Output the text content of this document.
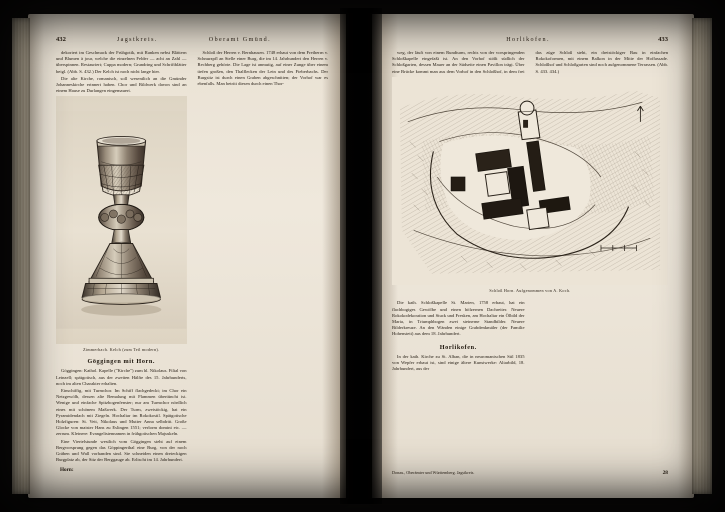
432	Jagstkreis.	Oberamt Gmünd.

dekoriert im Geschmack der Frühgotik, mit Ranken nebst Blättern und Blumen à jour, welche die einzelnen Felder — acht an Zahl — überspinnen. Restauriert; Cuppa modern; Grundring und Schriftblätter beigl. (Abb. S. 432.) Der Kelch ist noch nicht lange hier.

Die alte Kirche, romanisch, soll wesentlich an die Gmünder Johanneskirche erinnert haben. Chor und Bildwerk davon sind an einem Hause zu Durlangen eingemauert.

Zimmerbach. Kelch (zum Teil modern).

Göggingen mit Horn.

Göggingen: Kathol. Kapelle ("Kirche") zum hl. Nikolaus. Filial von Leinzell; spätgotisch, aus der zweiten Hälfte des 15. Jahrhunderts, noch im alten Charakter erhalten.

Einschiffig, mit Turmchor. Im Schiff flachgedeckt; im Chor ein Netzgewölb, dessen alte Bemalung mit Flammen übertüncht ist. Wenige und einfache Spitzbogenfenster; nur am Turmchor nördlich eines mit schönem Maßwerk. Der Turm, zweistöckig, hat ein Pyramidendach mit Ziegeln. Hochaltar im Rokokostil. Spätgotische Holzfiguren: St. Veit, Nikolaus und Mutter Anna selbdritt. Große Glocke von maister Hans zu Eslingen 1551; verlorm domini etc. — zerrum. Kleinere: Evangelistennamen in frühgotischen Majuskeln.

Eine Viertelstunde westlich vom Göggingen steht auf einem Bergvorsprung gegen das Göppingerthal eine Burg, von der noch Gräben und Wall vorhanden sind. Sie schneiden einen dreieckigen Burgplatz ab, der Sitz der Berggauge ab. Erlischt im 14. Jahrhundert.

Horn:

Schloß der Herren v. Bernhausen. 1748 erhaut von dem Freiherrn v. Schnurzpfl an Stelle einer Burg, die im 14. Jahrhundert den Herren v. Rechberg gehörte. Die Lage ist anmutig, auf einer Zunge über einem tiefen großen, den Thalflecken der Lein und des Fieberbachs. Der Burgsitz ist durch einen Graben abgeschnitten; der Vorhof war es ebenfalls. Man betritt diesen durch einen Thor-

433
Horlikofen.

weg, der läuft von einem Rundturm, rechts von der vorspringenden Schloßkapelle eingefaßt ist. An den Vorhof stößt südlich der Schloßgarten, dessen Mauer an der Südseite einen Pavillon trägt. Über eine Brücke kommt man aus dem Vorhof in den Schloßhof, in dem frei das züge Schloß steht, ein dreistöckiger Bau in einfachen Rokokoformen, mit einem Balkon in der Mitte der Hoffassade. Schloßhof und Schloßgarten sind noch aufgenommene Terrassen. (Abb. S. 433. 434.)

Schloß Horn. Aufgenommen von A. Koch.

Die kath. Schloßkapelle St. Marien, 1758 erbaut, hat ein flachbogiges Gewölbe und einen hölzernen Dachreiter. Neuere Rokokodekoration und Stuck und Fresken, am Hochaltar ein Ölbild der Maria, in Triumphbogen zwei steinerne Standbilder. Neuere Bilderkreuze. An den Wänden einige Grabdenkmäler (der Familie Hohenstett) aus dem 18. Jahrhundert.

Horlikofen.

In der kath. Kirche zu St. Alban, die in neuromanischen Stil 1835 von Wepfer erbaut ist, sind einige ältere Kunstwerke: Altarbild, 18. Jahrhundert, aus der

Donau., Oberämter und Württemberg. Jagstkreis.	28
